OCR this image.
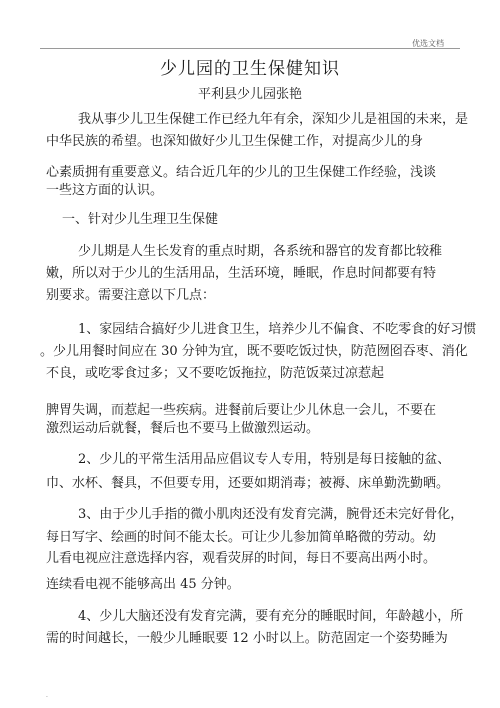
优选文档
少儿园的卫生保健知识
平利县少儿园张艳
我从事少儿卫生保健工作已经九年有余，深知少儿是祖国的未来，是
中华民族的希望。也深知做好少儿卫生保健工作，对提高少儿的身
心素质拥有重要意义。结合近几年的少儿的卫生保健工作经验，浅谈
一些这方面的认识。
一、针对少儿生理卫生保健
少儿期是人生长发育的重点时期，各系统和器官的发育都比较稚
嫩，所以对于少儿的生活用品，生活环境，睡眠，作息时间都要有特
别要求。需要注意以下几点：
1、家园结合搞好少儿进食卫生，培养少儿不偏食、不吃零食的好习惯
。少儿用餐时间应在 30 分钟为宜，既不要吃饭过快，防范囫囵吞枣、消化
不良，或吃零食过多；又不要吃饭拖拉，防范饭菜过凉惹起
脾胃失调，而惹起一些疾病。进餐前后要让少儿休息一会儿，不要在
激烈运动后就餐，餐后也不要马上做激烈运动。
2、少儿的平常生活用品应倡议专人专用，特别是每日接触的盆、
巾、水杯、餐具，不但要专用，还要如期消毒；被褥、床单勤洗勤晒。
3、由于少儿手指的微小肌肉还没有发育完满，腕骨还未完好骨化，
每日写字、绘画的时间不能太长。可让少儿参加简单略微的劳动。幼
儿看电视应注意选择内容，观看荧屏的时间，每日不要高出两小时。
连续看电视不能够高出 45 分钟。
4、少儿大脑还没有发育完满，要有充分的睡眠时间，年龄越小，所
需的时间越长，一般少儿睡眠要 12 小时以上。防范固定一个姿势睡为
.
